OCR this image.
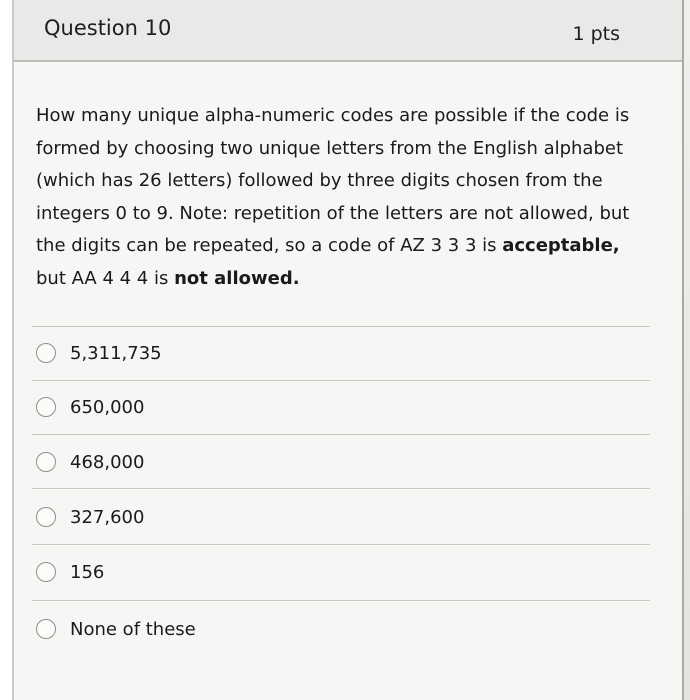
Question 10	1 pts
How many unique alpha-numeric codes are possible if the code is formed by choosing two unique letters from the English alphabet (which has 26 letters) followed by three digits chosen from the integers 0 to 9. Note: repetition of the letters are not allowed, but the digits can be repeated, so a code of AZ 3 3 3 is acceptable, but AA 4 4 4 is not allowed.
5,311,735
650,000
468,000
327,600
156
None of these
